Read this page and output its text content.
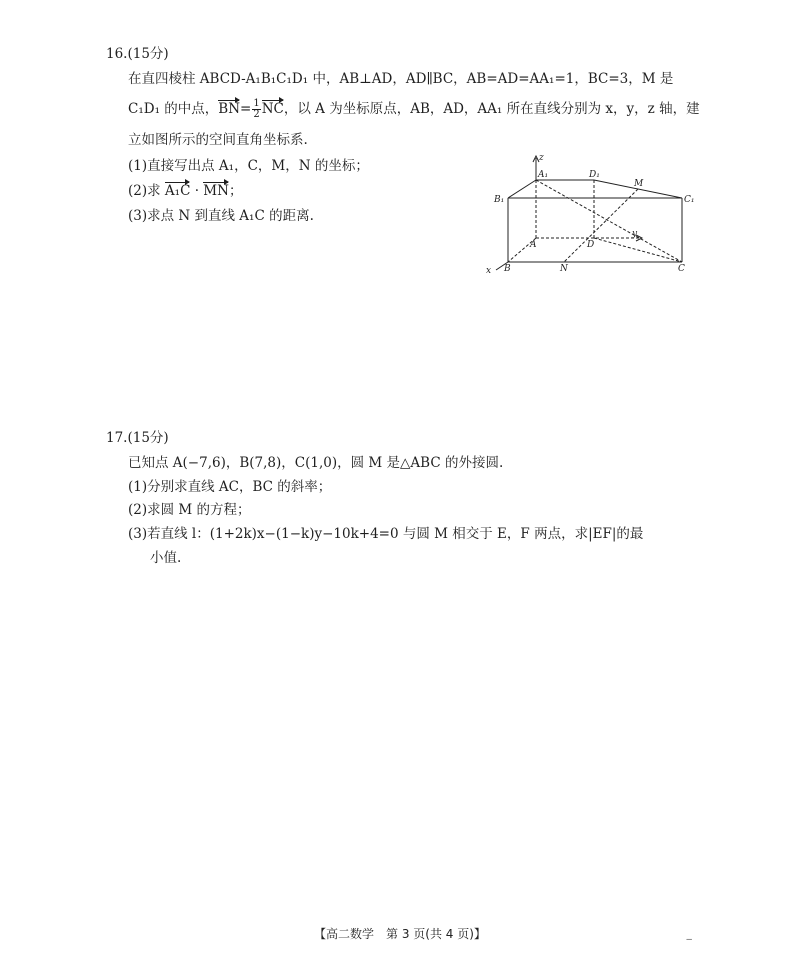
16.(15分)
在直四棱柱 ABCD-A₁B₁C₁D₁ 中，AB⊥AD，AD∥BC，AB=AD=AA₁=1，BC=3，M 是
C₁D₁ 的中点，$BN= \frac{1}{2}$ NC，以 A 为坐标原点，AB，AD，AA₁ 所在直线分别为 x，y，z 轴，建
立如图所示的空间直角坐标系.
(1)直接写出点 A₁，C，M，N 的坐标；
(2)求 A₁C · MN；
(3)求点 N 到直线 A₁C 的距离.
z
x
y
A₁	D₁
M
B₁	C₁
A	D
B	N	C
17.(15分)
已知点 A(−7,6)，B(7,8)，C(1,0)，圆 M 是△ABC 的外接圆.
(1)分别求直线 AC，BC 的斜率；
(2)求圆 M 的方程；
(3)若直线 l：(1+2k)x−(1−k)y−10k+4=0 与圆 M 相交于 E，F 两点，求|EF|的最
小值.
【高二数学　第 3 页(共 4 页)】	‒
